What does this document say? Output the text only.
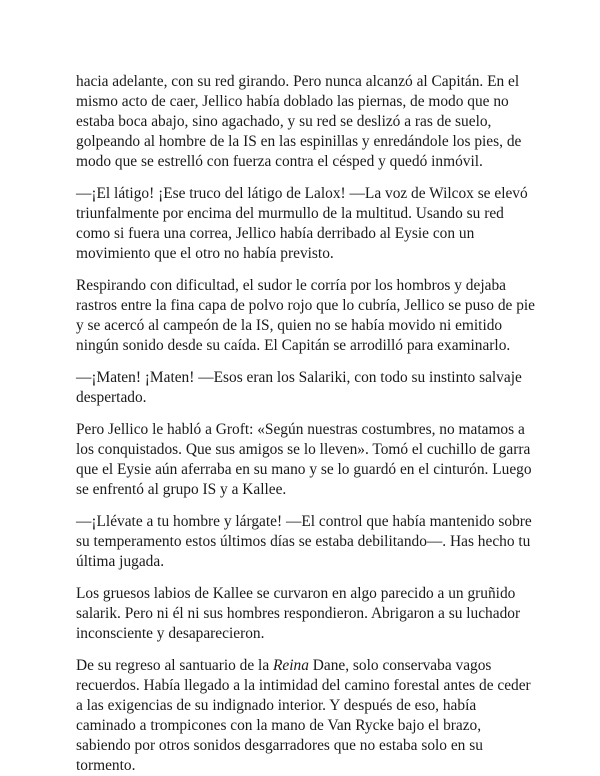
hacia adelante, con su red girando. Pero nunca alcanzó al Capitán. En el mismo acto de caer, Jellico había doblado las piernas, de modo que no estaba boca abajo, sino agachado, y su red se deslizó a ras de suelo, golpeando al hombre de la IS en las espinillas y enredándole los pies, de modo que se estrelló con fuerza contra el césped y quedó inmóvil.

—¡El látigo! ¡Ese truco del látigo de Lalox! —La voz de Wilcox se elevó triunfalmente por encima del murmullo de la multitud. Usando su red como si fuera una correa, Jellico había derribado al Eysie con un movimiento que el otro no había previsto.

Respirando con dificultad, el sudor le corría por los hombros y dejaba rastros entre la fina capa de polvo rojo que lo cubría, Jellico se puso de pie y se acercó al campeón de la IS, quien no se había movido ni emitido ningún sonido desde su caída. El Capitán se arrodilló para examinarlo.

—¡Maten! ¡Maten! —Esos eran los Salariki, con todo su instinto salvaje despertado.

Pero Jellico le habló a Groft: «Según nuestras costumbres, no matamos a los conquistados. Que sus amigos se lo lleven». Tomó el cuchillo de garra que el Eysie aún aferraba en su mano y se lo guardó en el cinturón. Luego se enfrentó al grupo IS y a Kallee.

—¡Llévate a tu hombre y lárgate! —El control que había mantenido sobre su temperamento estos últimos días se estaba debilitando—. Has hecho tu última jugada.

Los gruesos labios de Kallee se curvaron en algo parecido a un gruñido salarik. Pero ni él ni sus hombres respondieron. Abrigaron a su luchador inconsciente y desaparecieron.

De su regreso al santuario de la Reina Dane, solo conservaba vagos recuerdos. Había llegado a la intimidad del camino forestal antes de ceder a las exigencias de su indignado interior. Y después de eso, había caminado a trompicones con la mano de Van Rycke bajo el brazo, sabiendo por otros sonidos desgarradores que no estaba solo en su tormento.
